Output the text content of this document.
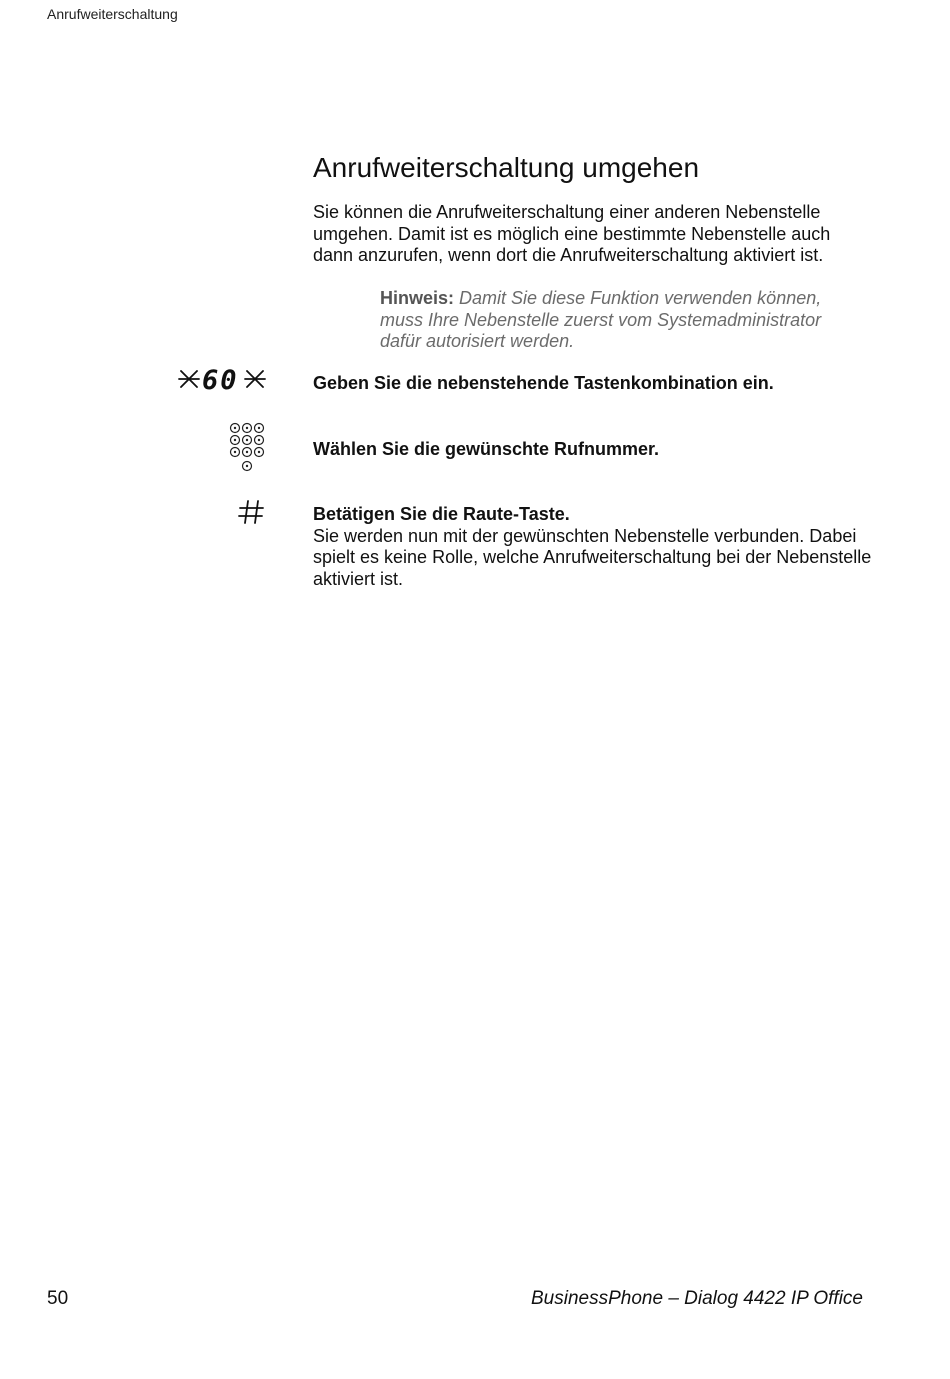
Anrufweiterschaltung
Anrufweiterschaltung umgehen

Sie können die Anrufweiterschaltung einer anderen Nebenstelle umgehen. Damit ist es möglich eine bestimmte Nebenstelle auch dann anzurufen, wenn dort die Anrufweiterschaltung aktiviert ist.

Hinweis: Damit Sie diese Funktion verwenden können, muss Ihre Nebenstelle zuerst vom Systemadministrator dafür autorisiert werden.

60	Geben Sie die nebenstehende Tastenkombination ein.

Wählen Sie die gewünschte Rufnummer.

Betätigen Sie die Raute-Taste.
Sie werden nun mit der gewünschten Nebenstelle verbunden. Dabei spielt es keine Rolle, welche Anrufweiterschaltung bei der Nebenstelle aktiviert ist.

50	BusinessPhone – Dialog 4422 IP Office
